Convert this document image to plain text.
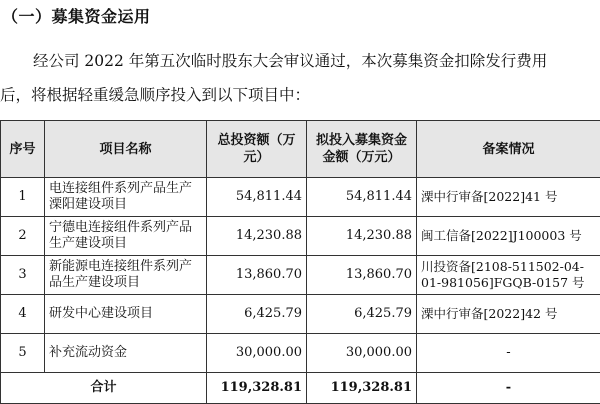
（一）募集资金运用
经公司 2022 年第五次临时股东大会审议通过，本次募集资金扣除发行费用
后，将根据轻重缓急顺序投入到以下项目中：
序号	项目名称	总投资额（万元）	拟投入募集资金金额（万元）	备案情况
1	电连接组件系列产品生产溧阳建设项目	54,811.44	54,811.44	溧中行审备[2022]41 号
2	宁德电连接组件系列产品生产建设项目	14,230.88	14,230.88	闽工信备[2022]J100003 号
3	新能源电连接组件系列产品生产建设项目	13,860.70	13,860.70	川投资备[2108-511502-04-01-981056]FGQB-0157 号
4	研发中心建设项目	6,425.79	6,425.79	溧中行审备[2022]42 号
5	补充流动资金	30,000.00	30,000.00	-
合计		119,328.81	119,328.81	-
